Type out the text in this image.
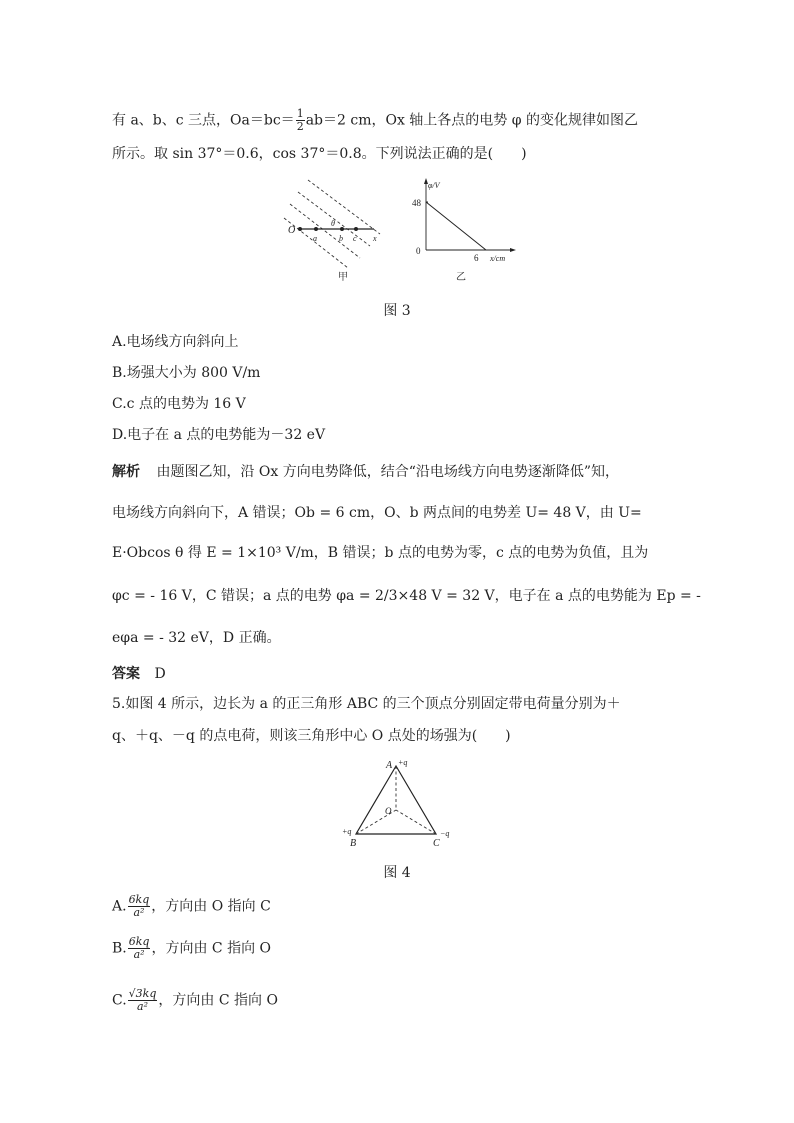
有 a、b、c 三点，$Oa=bc= \frac{1}{2} ab=2$ cm，Ox 轴上各点的电势 φ 的变化规律如图乙
所示。取 sin 37°＝0.6，cos 37°＝0.8。下列说法正确的是(　　)
O
a	b c x
θ
甲
φ/V
48
0
6 x/cm
乙
图 3
A.电场线方向斜向上
B.场强大小为 800 V/m
C.c 点的电势为 16 V
D.电子在 a 点的电势能为－32 eV
解析 由题图乙知，沿 Ox 方向电势降低，结合“沿电场线方向电势逐渐降低”知，
电场线方向斜向下，A 错误；Ob = 6 cm，O、b 两点间的电势差 U= 48 V，由 U=
E·Obcos θ 得 E = 1×10³ V/m，B 错误；b 点的电势为零，c 点的电势为负值，且为
φc = - 16 V，C 错误；a 点的电势 φa = 2/3×48 V = 32 V，电子在 a 点的电势能为 Ep = -
eφa = - 32 eV，D 正确。
答案 D
5.如图 4 所示，边长为 a 的正三角形 ABC 的三个顶点分别固定带电荷量分别为＋
q、＋q、－q 的点电荷，则该三角形中心 O 点处的场强为(　　)
A +q
+q
B
−q
C
O
图 4
A. $\frac{6kq}{\text{a²}}$ ，方向由 O 指向 C
B. $\frac{6kq}{\text{a²}}$ ，方向由 C 指向 O
C. $\frac{√3kq}{\text{a²}}$ ，方向由 C 指向 O
